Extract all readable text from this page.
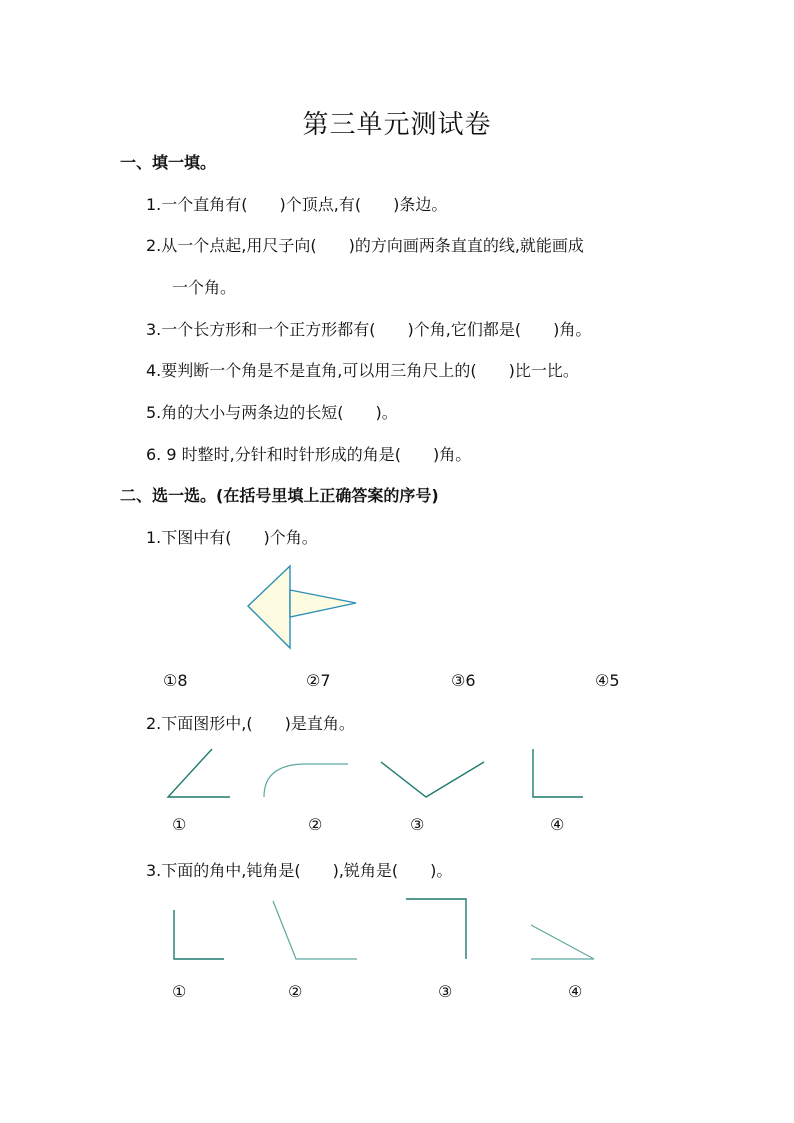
第三单元测试卷
一、填一填。
1.一个直角有(　　)个顶点,有(　　)条边。
2.从一个点起,用尺子向(　　)的方向画两条直直的线,就能画成
一个角。
3.一个长方形和一个正方形都有(　　)个角,它们都是(　　)角。
4.要判断一个角是不是直角,可以用三角尺上的(　　)比一比。
5.角的大小与两条边的长短(　　)。
6. 9 时整时,分针和时针形成的角是(　　)角。
二、选一选。(在括号里填上正确答案的序号)
1.下图中有(　　)个角。
①8	②7	③6	④5
2.下面图形中,(　　)是直角。
①	②	③	④
3.下面的角中,钝角是(　　),锐角是(　　)。
①	②	③	④
